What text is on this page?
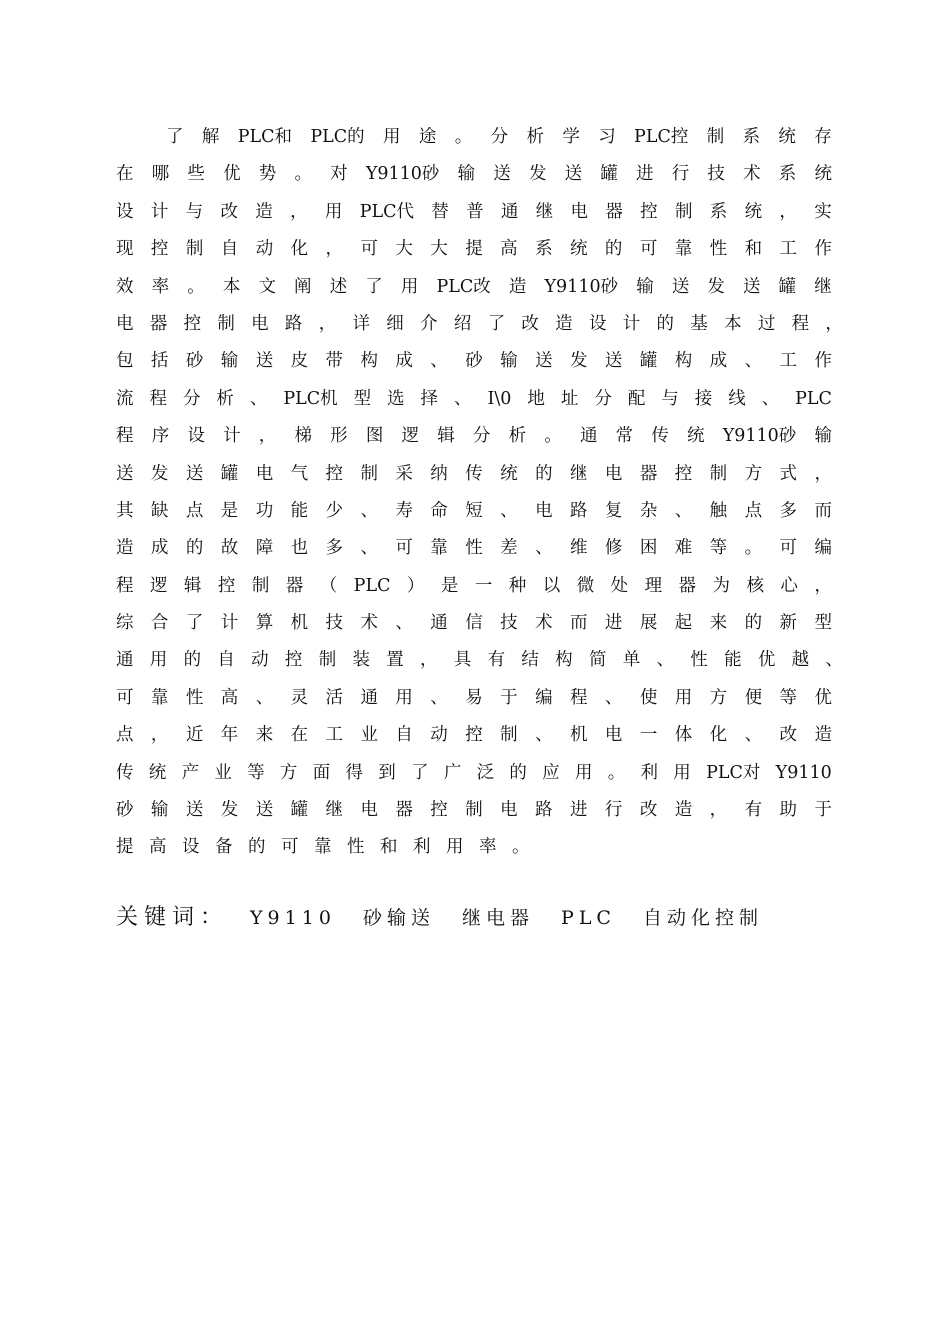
了 解 PLC和 PLC的 用 途 。 分 析 学 习 PLC控 制 系 统 存
在 哪 些 优 势 。 对 Y9110砂 输 送 发 送 罐 进 行 技 术 系 统
设 计 与 改 造 ， 用 PLC代 替 普 通 继 电 器 控 制 系 统 ， 实
现 控 制 自 动 化 ， 可 大 大 提 高 系 统 的 可 靠 性 和 工 作
效 率 。 本 文 阐 述 了 用 PLC改 造 Y9110砂 输 送 发 送 罐 继
电 器 控 制 电 路 ， 详 细 介 绍 了 改 造 设 计 的 基 本 过 程 ，
包 括 砂 输 送 皮 带 构 成 、 砂 输 送 发 送 罐 构 成 、 工 作
流 程 分 析 、 PLC机 型 选 择 、 I\0 地 址 分 配 与 接 线 、 PLC
程 序 设 计 ， 梯 形 图 逻 辑 分 析 。 通 常 传 统 Y9110砂 输
送 发 送 罐 电 气 控 制 采 纳 传 统 的 继 电 器 控 制 方 式 ，
其 缺 点 是 功 能 少 、 寿 命 短 、 电 路 复 杂 、 触 点 多 而
造 成 的 故 障 也 多 、 可 靠 性 差 、 维 修 困 难 等 。 可 编
程 逻 辑 控 制 器 （ PLC ） 是 一 种 以 微 处 理 器 为 核 心 ，
综 合 了 计 算 机 技 术 、 通 信 技 术 而 进 展 起 来 的 新 型
通 用 的 自 动 控 制 装 置 ， 具 有 结 构 简 单 、 性 能 优 越 、
可 靠 性 高 、 灵 活 通 用 、 易 于 编 程 、 使 用 方 便 等 优
点 ， 近 年 来 在 工 业 自 动 控 制 、 机 电 一 体 化 、 改 造
传 统 产 业 等 方 面 得 到 了 广 泛 的 应 用 。 利 用 PLC对 Y9110
砂 输 送 发 送 罐 继 电 器 控 制 电 路 进 行 改 造 ， 有 助 于
提 高 设 备 的 可 靠 性 和 利 用 率 。
关键词： Y9110 砂输送 继电器 PLC 自动化控制
